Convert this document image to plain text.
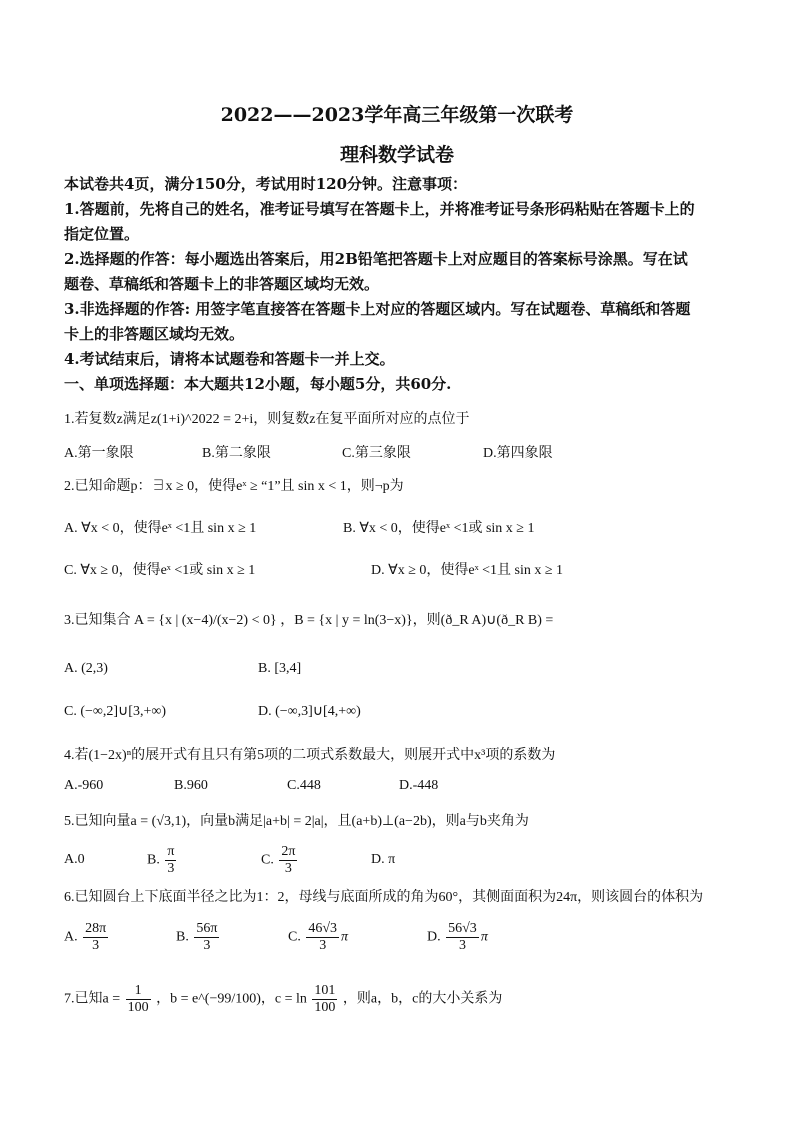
2022——2023学年高三年级第一次联考
理科数学试卷
本试卷共4页，满分150分，考试用时120分钟。注意事项：
1.答题前，先将自己的姓名，准考证号填写在答题卡上，并将准考证号条形码粘贴在答题卡上的
指定位置。
2.选择题的作答：每小题选出答案后，用2B铅笔把答题卡上对应题目的答案标号涂黑。写在试
题卷、草稿纸和答题卡上的非答题区域均无效。
3.非选择题的作答: 用签字笔直接答在答题卡上对应的答题区域内。写在试题卷、草稿纸和答题
卡上的非答题区域均无效。
4.考试结束后，请将本试题卷和答题卡一并上交。
一、单项选择题：本大题共12小题，每小题5分，共60分.
1.若复数z满足z(1+i)^2022 = 2+i，则复数z在复平面所对应的点位于
A.第一象限	B.第二象限	C.第三象限	D.第四象限
2.已知命题p：∃x ≥ 0，使得eˣ ≥ “1”且 sin x < 1，则¬p为
A. ∀x < 0，使得eˣ <1且 sin x ≥ 1	B. ∀x < 0，使得eˣ <1或 sin x ≥ 1
C. ∀x ≥ 0，使得eˣ <1或 sin x ≥ 1	D. ∀x ≥ 0，使得eˣ <1且 sin x ≥ 1
3.已知集合 A = {x | (x−4)/(x−2) < 0} ，B = {x | y = ln(3−x)}，则(ð_R A)∪(ð_R B) =
A. (2,3)	B. [3,4]
C. (−∞,2]∪[3,+∞)	D. (−∞,3]∪[4,+∞)
4.若(1−2x)ⁿ的展开式有且只有第5项的二项式系数最大，则展开式中x³项的系数为
A.-960	B.960	C.448	D.-448
5.已知向量a = (√3,1)，向量b满足|a+b| = 2|a|，且(a+b)⊥(a−2b)，则a与b夹角为
A.0	B. $\frac{\pi}{3}$	C. $\frac{2\pi}{3}$	D. π
6.已知圆台上下底面半径之比为1：2，母线与底面所成的角为60°，其侧面面积为24π，则该圆台的体积为
A. $\frac{28\pi}{3}$	B. $\frac{56\pi}{3}$	C. $\frac{46√3}{3}$ π	D. $\frac{56√3}{3}$ π
7.已知$a = \frac{1}{100}$ ，b = e^(−99/100)，$c = \ln \frac{101}{100}$ ，则a，b，c的大小关系为
